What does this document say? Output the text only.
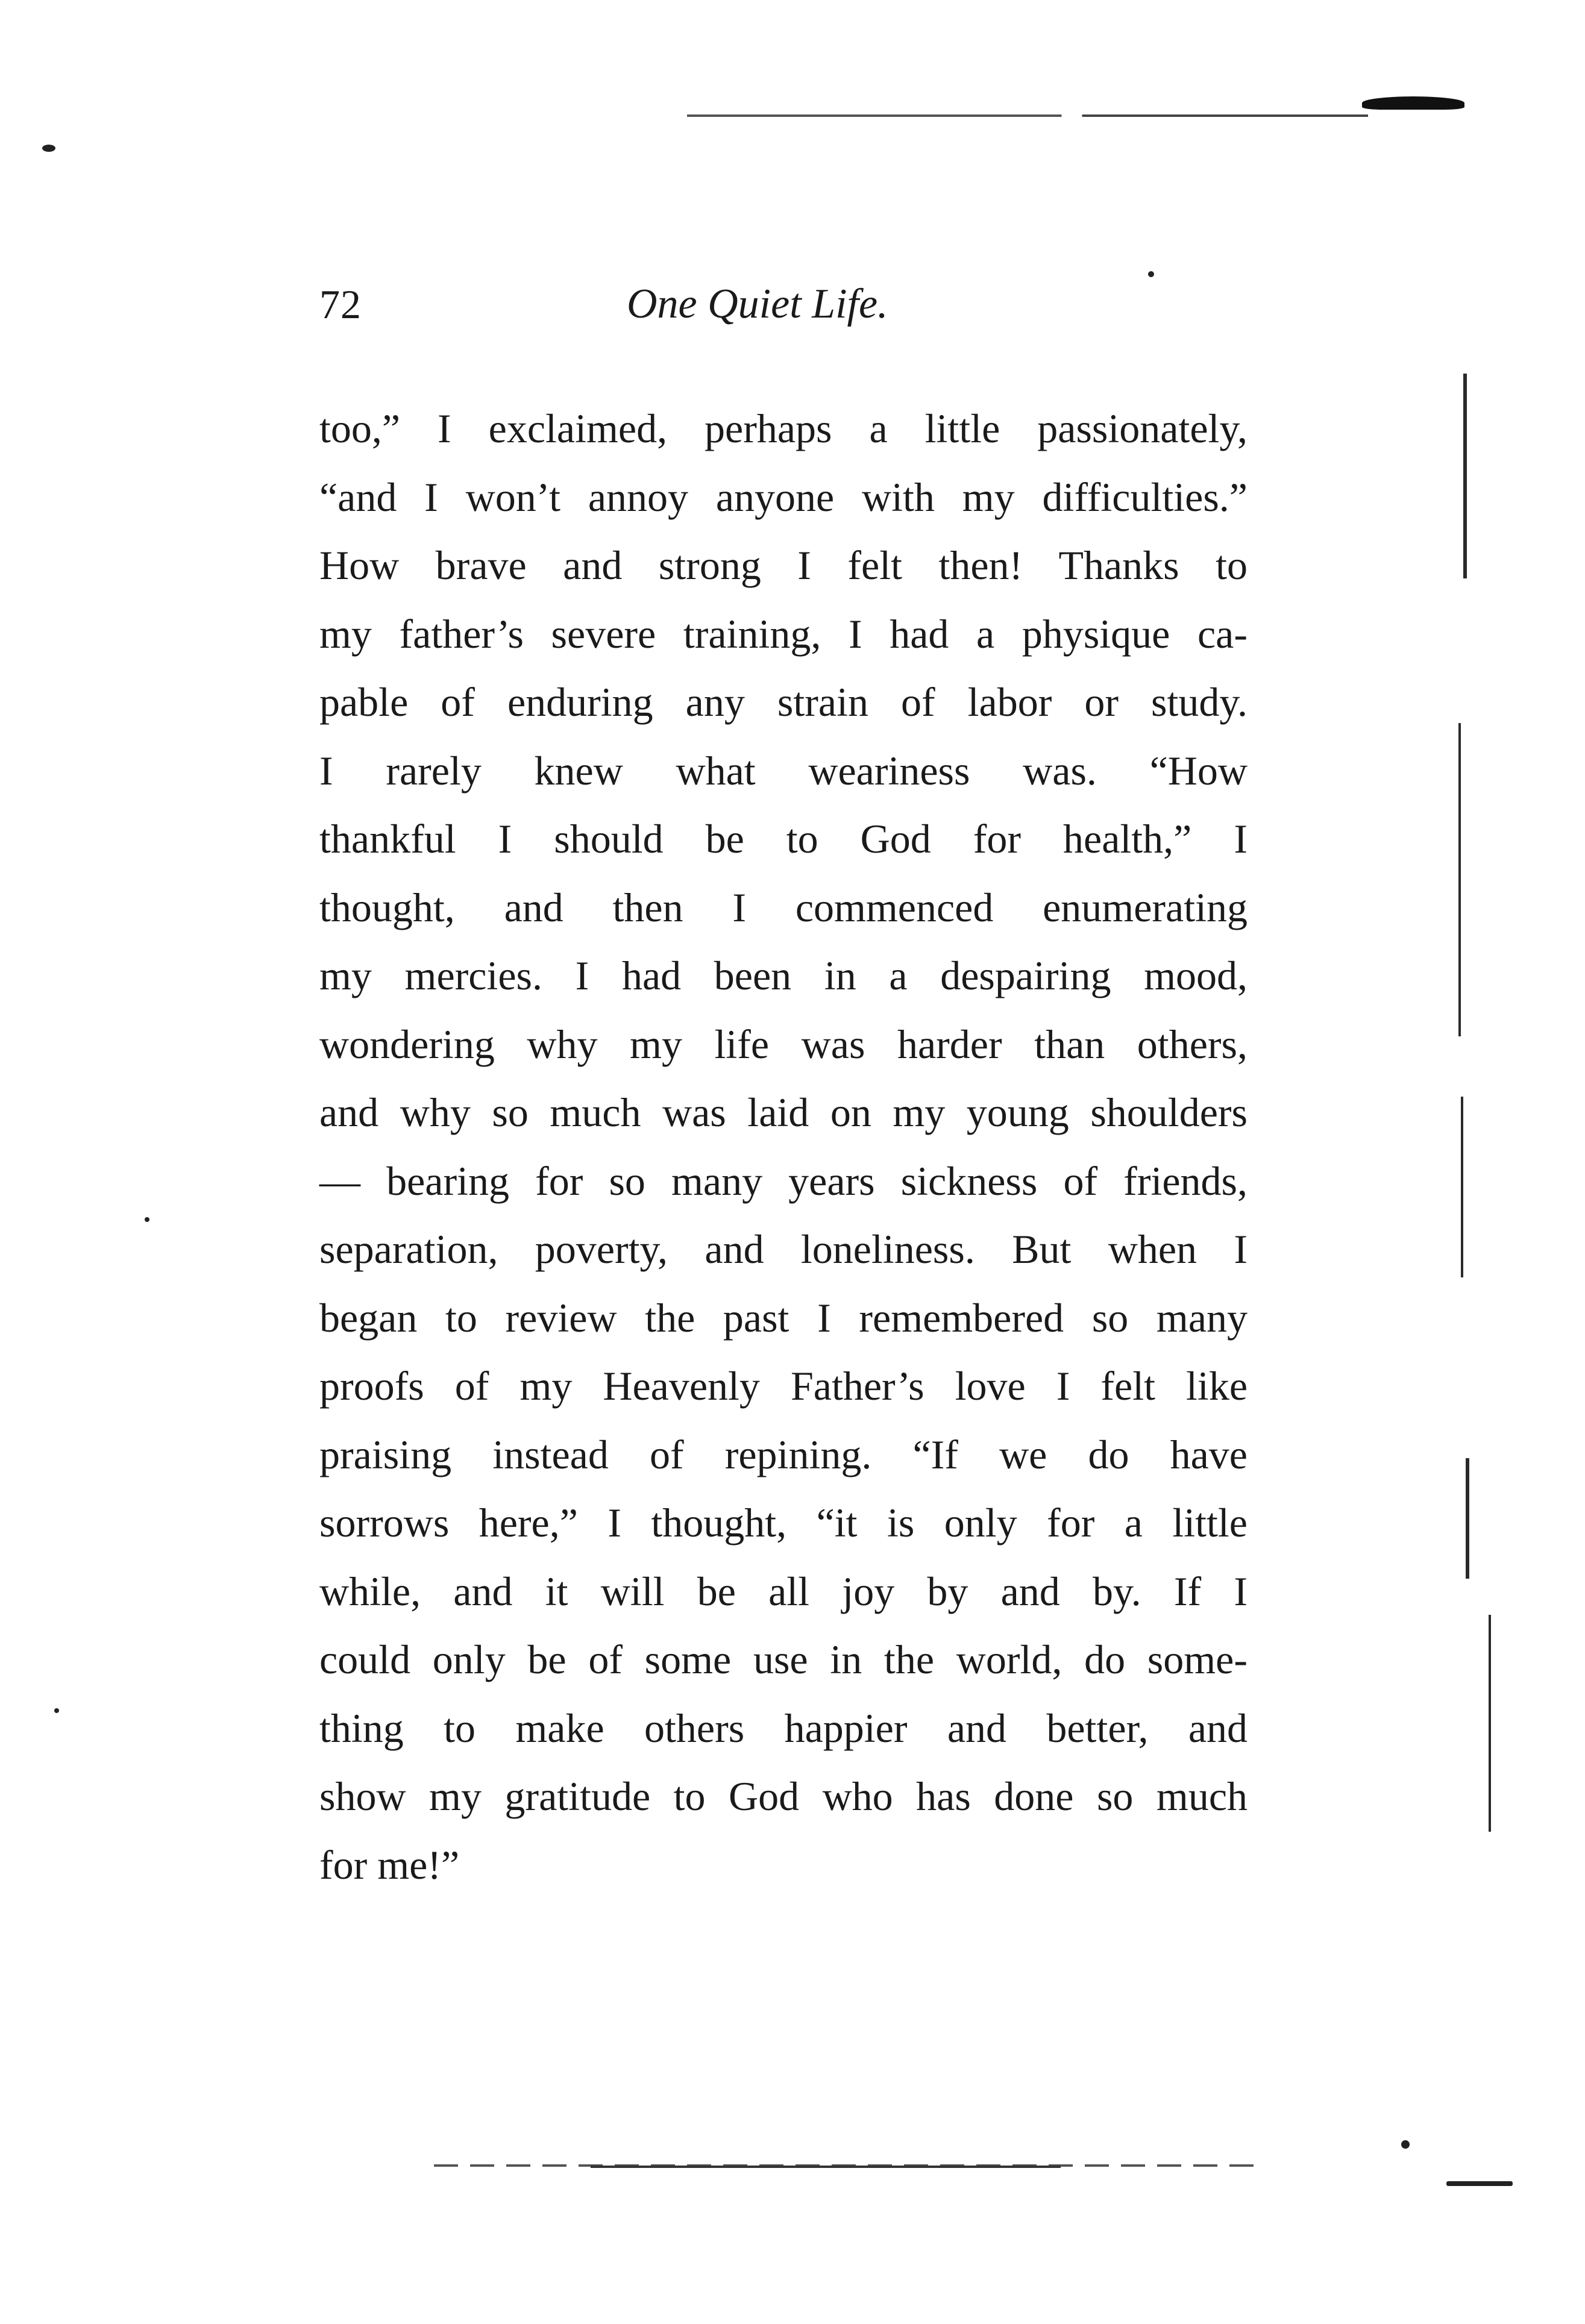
72	One Quiet Life.
too,” I exclaimed, perhaps a little passionately,
“and I won’t annoy anyone with my difficulties.”
How brave and strong I felt then! Thanks to
my father’s severe training, I had a physique ca-
pable of enduring any strain of labor or study.
I rarely knew what weariness was. “How
thankful I should be to God for health,” I
thought, and then I commenced enumerating
my mercies. I had been in a despairing mood,
wondering why my life was harder than others,
and why so much was laid on my young shoulders
— bearing for so many years sickness of friends,
separation, poverty, and loneliness. But when I
began to review the past I remembered so many
proofs of my Heavenly Father’s love I felt like
praising instead of repining. “If we do have
sorrows here,” I thought, “it is only for a little
while, and it will be all joy by and by. If I
could only be of some use in the world, do some-
thing to make others happier and better, and
show my gratitude to God who has done so much
for me!”
